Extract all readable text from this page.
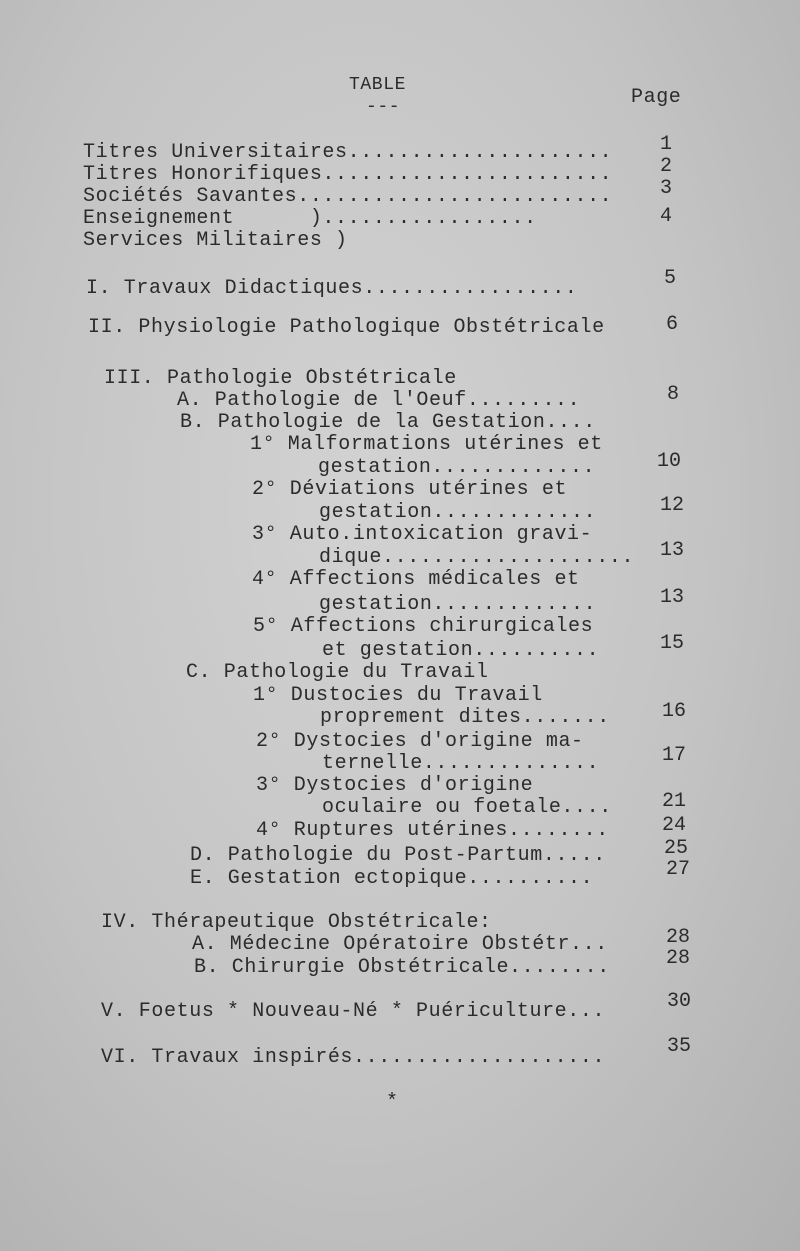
TABLE
---	Page
Titres Universitaires..................... 1
Titres Honorifiques....................... 2
Sociétés Savantes......................... 3
Enseignement      ).................	4
Services Militaires )
I. Travaux Didactiques.................	5
II. Physiologie Pathologique Obstétricale	6
III. Pathologie Obstétricale
A. Pathologie de l'Oeuf.........	8
B. Pathologie de la Gestation....
1° Malformations utérines et
gestation.............	10
2° Déviations utérines et
gestation.............	12
3° Auto.intoxication gravi-
dique.................... 13
4° Affections médicales et
gestation.............	13
5° Affections chirurgicales
et gestation..........	15
C. Pathologie du Travail
1° Dustocies du Travail
proprement dites.......	16
2° Dystocies d'origine ma-
ternelle..............	17
3° Dystocies d'origine
oculaire ou foetale....	21
4° Ruptures utérines........	24
D. Pathologie du Post-Partum.....	25
E. Gestation ectopique..........	27
IV. Thérapeutique Obstétricale:
A. Médecine Opératoire Obstétr...	28
B. Chirurgie Obstétricale........	28
V. Foetus * Nouveau-Né * Puériculture...	30
VI. Travaux inspirés....................	35
*
